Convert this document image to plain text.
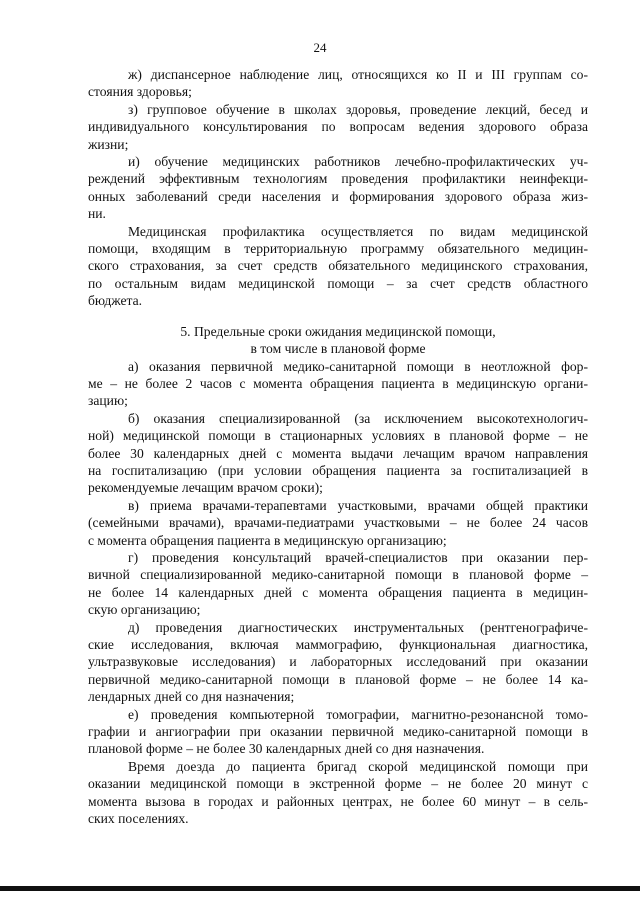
24
ж) диспансерное наблюдение лиц, относящихся ко II и III группам со-
стояния здоровья;
з) групповое обучение в школах здоровья, проведение лекций, бесед и
индивидуального консультирования по вопросам ведения здорового образа
жизни;
и) обучение медицинских работников лечебно-профилактических уч-
реждений эффективным технологиям проведения профилактики неинфекци-
онных заболеваний среди населения и формирования здорового образа жиз-
ни.
Медицинская профилактика осуществляется по видам медицинской
помощи, входящим в территориальную программу обязательного медицин-
ского страхования, за счет средств обязательного медицинского страхования,
по остальным видам медицинской помощи – за счет средств областного
бюджета.
5. Предельные сроки ожидания медицинской помощи,
в том числе в плановой форме
а) оказания первичной медико-санитарной помощи в неотложной фор-
ме – не более 2 часов с момента обращения пациента в медицинскую органи-
зацию;
б) оказания специализированной (за исключением высокотехнологич-
ной) медицинской помощи в стационарных условиях в плановой форме – не
более 30 календарных дней с момента выдачи лечащим врачом направления
на госпитализацию (при условии обращения пациента за госпитализацией в
рекомендуемые лечащим врачом сроки);
в) приема врачами-терапевтами участковыми, врачами общей практики
(семейными врачами), врачами-педиатрами участковыми – не более 24 часов
с момента обращения пациента в медицинскую организацию;
г) проведения консультаций врачей-специалистов при оказании пер-
вичной специализированной медико-санитарной помощи в плановой форме –
не более 14 календарных дней с момента обращения пациента в медицин-
скую организацию;
д) проведения диагностических инструментальных (рентгенографиче-
ские исследования, включая маммографию, функциональная диагностика,
ультразвуковые исследования) и лабораторных исследований при оказании
первичной медико-санитарной помощи в плановой форме – не более 14 ка-
лендарных дней со дня назначения;
е) проведения компьютерной томографии, магнитно-резонансной томо-
графии и ангиографии при оказании первичной медико-санитарной помощи в
плановой форме – не более 30 календарных дней со дня назначения.
Время доезда до пациента бригад скорой медицинской помощи при
оказании медицинской помощи в экстренной форме – не более 20 минут с
момента вызова в городах и районных центрах, не более 60 минут – в сель-
ских поселениях.
